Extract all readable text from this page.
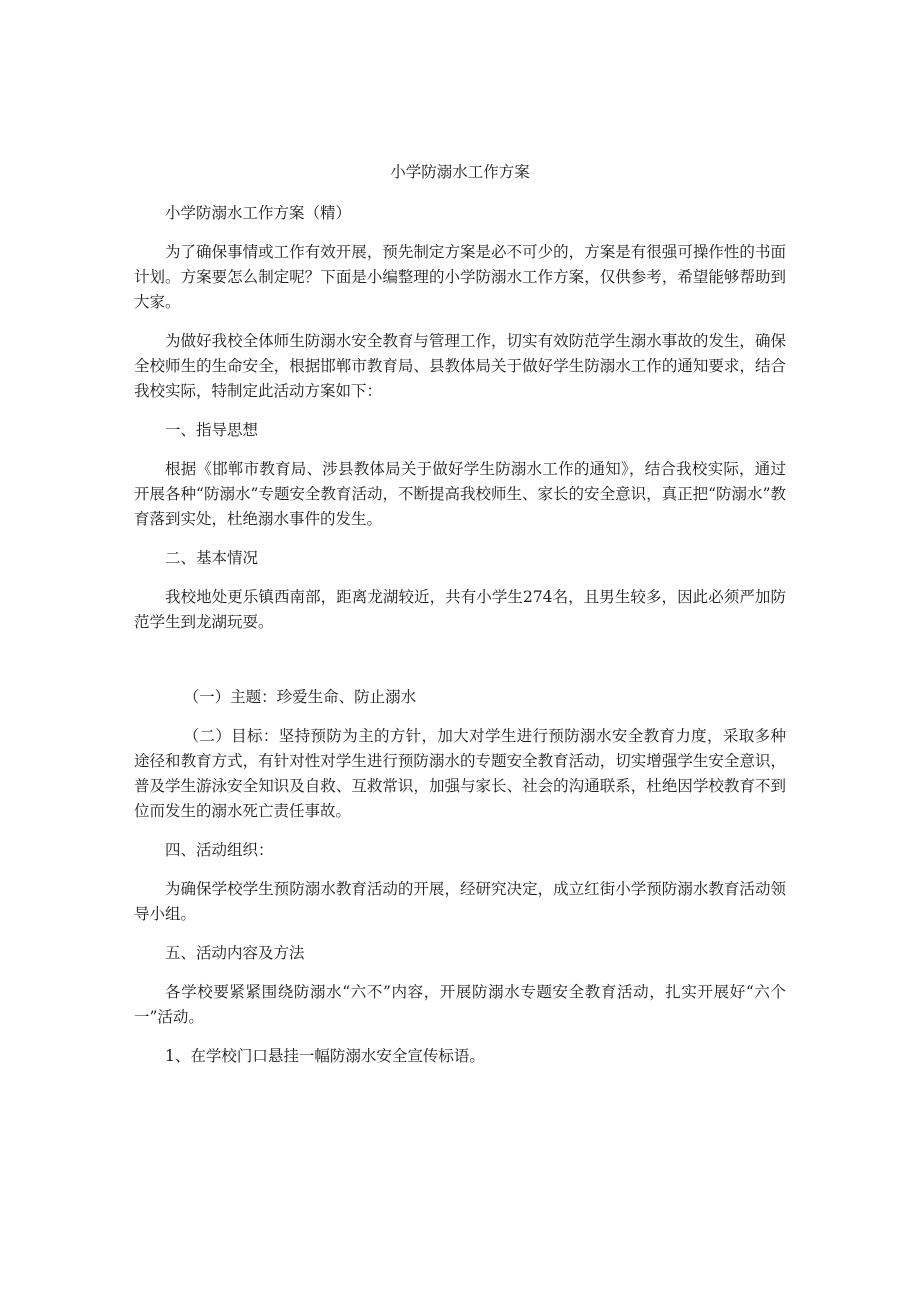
小学防溺水工作方案

小学防溺水工作方案（精）

为了确保事情或工作有效开展，预先制定方案是必不可少的，方案是有很强可操作性的书面计划。方案要怎么制定呢？下面是小编整理的小学防溺水工作方案，仅供参考，希望能够帮助到大家。

为做好我校全体师生防溺水安全教育与管理工作，切实有效防范学生溺水事故的发生，确保全校师生的生命安全，根据邯郸市教育局、县教体局关于做好学生防溺水工作的通知要求，结合我校实际，特制定此活动方案如下：

一、指导思想

根据《邯郸市教育局、涉县教体局关于做好学生防溺水工作的通知》，结合我校实际，通过开展各种“防溺水”专题安全教育活动，不断提高我校师生、家长的安全意识，真正把“防溺水”教育落到实处，杜绝溺水事件的发生。

二、基本情况

我校地处更乐镇西南部，距离龙湖较近，共有小学生274名，且男生较多，因此必须严加防范学生到龙湖玩耍。

（一）主题：珍爱生命、防止溺水

（二）目标：坚持预防为主的方针，加大对学生进行预防溺水安全教育力度，采取多种途径和教育方式，有针对性对学生进行预防溺水的专题安全教育活动，切实增强学生安全意识，普及学生游泳安全知识及自救、互救常识，加强与家长、社会的沟通联系，杜绝因学校教育不到位而发生的溺水死亡责任事故。

四、活动组织：

为确保学校学生预防溺水教育活动的开展，经研究决定，成立红街小学预防溺水教育活动领导小组。

五、活动内容及方法

各学校要紧紧围绕防溺水“六不”内容，开展防溺水专题安全教育活动，扎实开展好“六个一”活动。

1、在学校门口悬挂一幅防溺水安全宣传标语。
